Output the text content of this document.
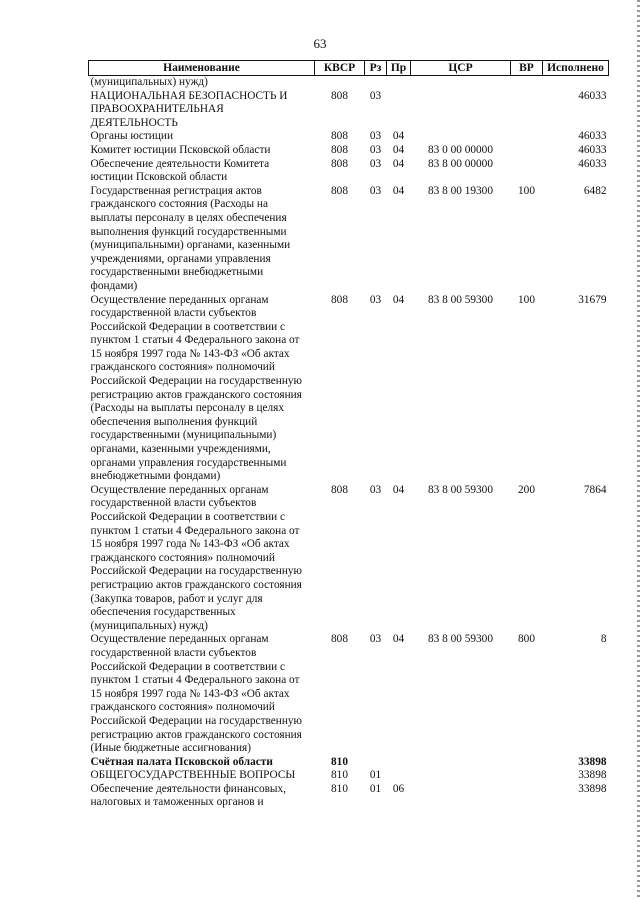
63
Наименование	КВСР	Рз	Пр	ЦСР	ВР	Исполнено
(муниципальных) нужд)						
НАЦИОНАЛЬНАЯ БЕЗОПАСНОСТЬ И ПРАВООХРАНИТЕЛЬНАЯ ДЕЯТЕЛЬНОСТЬ	808	03				46033
Органы юстиции	808	03	04			46033
Комитет юстиции Псковской области	808	03	04	83 0 00 00000		46033
Обеспечение деятельности Комитета юстиции Псковской области	808	03	04	83 8 00 00000		46033
Государственная регистрация актов гражданского состояния (Расходы на выплаты персоналу в целях обеспечения выполнения функций государственными (муниципальными) органами, казенными учреждениями, органами управления государственными внебюджетными фондами)	808	03	04	83 8 00 19300	100	6482
Осуществление переданных органам государственной власти субъектов Российской Федерации в соответствии с пунктом 1 статьи 4 Федерального закона от 15 ноября 1997 года № 143-ФЗ «Об актах гражданского состояния» полномочий Российской Федерации на государственную регистрацию актов гражданского состояния (Расходы на выплаты персоналу в целях обеспечения выполнения функций государственными (муниципальными) органами, казенными учреждениями, органами управления государственными внебюджетными фондами)	808	03	04	83 8 00 59300	100	31679
Осуществление переданных органам государственной власти субъектов Российской Федерации в соответствии с пунктом 1 статьи 4 Федерального закона от 15 ноября 1997 года № 143-ФЗ «Об актах гражданского состояния» полномочий Российской Федерации на государственную регистрацию актов гражданского состояния (Закупка товаров, работ и услуг для обеспечения государственных (муниципальных) нужд)	808	03	04	83 8 00 59300	200	7864
Осуществление переданных органам государственной власти субъектов Российской Федерации в соответствии с пунктом 1 статьи 4 Федерального закона от 15 ноября 1997 года № 143-ФЗ «Об актах гражданского состояния» полномочий Российской Федерации на государственную регистрацию актов гражданского состояния (Иные бюджетные ассигнования)	808	03	04	83 8 00 59300	800	8
Счётная палата Псковской области	810					33898
ОБЩЕГОСУДАРСТВЕННЫЕ ВОПРОСЫ	810	01				33898
Обеспечение деятельности финансовых, налоговых и таможенных органов и	810	01	06			33898
